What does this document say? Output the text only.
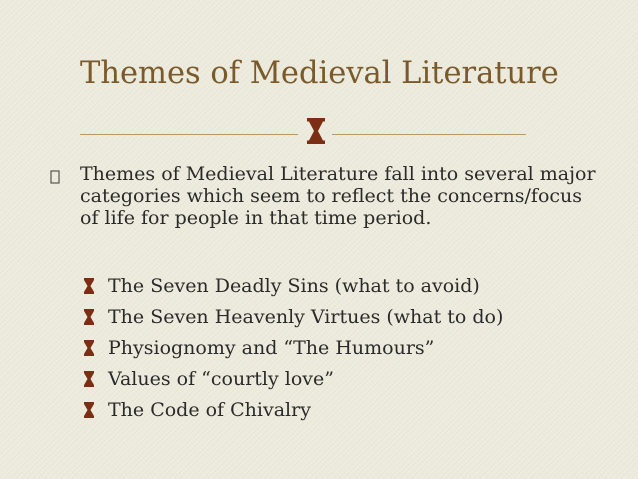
Themes of Medieval Literature

Themes of Medieval Literature fall into several major categories which seem to reflect the concerns/focus of life for people in that time period.

The Seven Deadly Sins (what to avoid)
The Seven Heavenly Virtues (what to do)
Physiognomy and “The Humours”
Values of “courtly love”
The Code of Chivalry
